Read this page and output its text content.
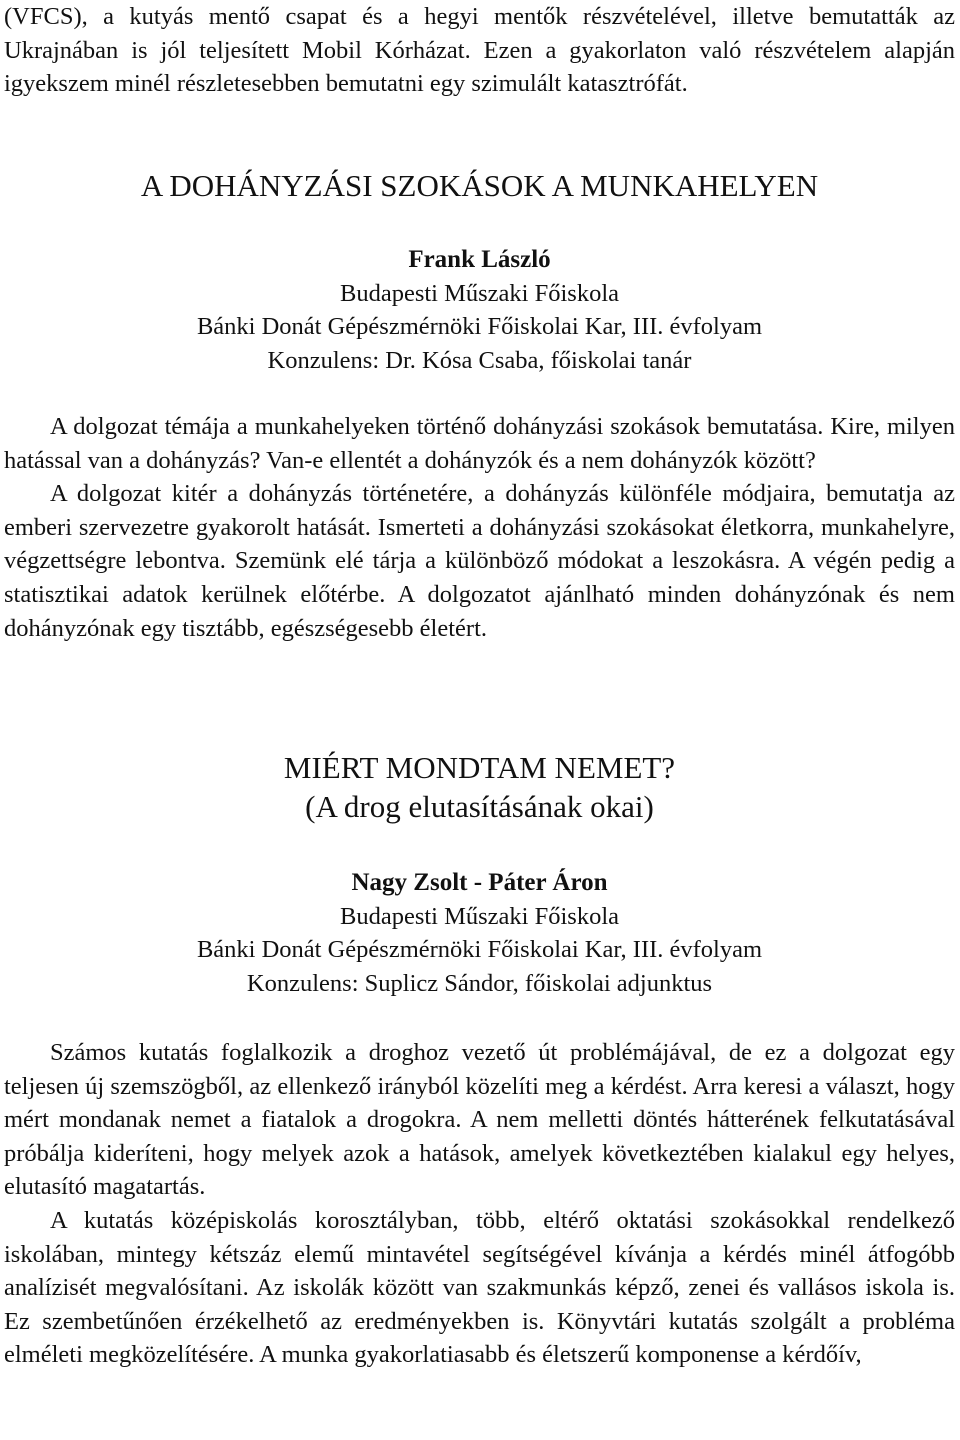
(VFCS), a kutyás mentő csapat és a hegyi mentők részvételével, illetve bemutatták az Ukrajnában is jól teljesített Mobil Kórházat. Ezen a gyakorlaton való részvételem alapján igyekszem minél részletesebben bemutatni egy szimulált katasztrófát.

A DOHÁNYZÁSI SZOKÁSOK A MUNKAHELYEN

Frank László

Budapesti Műszaki Főiskola

Bánki Donát Gépészmérnöki Főiskolai Kar, III. évfolyam

Konzulens: Dr. Kósa Csaba, főiskolai tanár

A dolgozat témája a munkahelyeken történő dohányzási szokások bemutatása. Kire, milyen hatással van a dohányzás? Van-e ellentét a dohányzók és a nem dohányzók között?

A dolgozat kitér a dohányzás történetére, a dohányzás különféle módjaira, bemutatja az emberi szervezetre gyakorolt hatását. Ismerteti a dohányzási szokásokat életkorra, munkahelyre, végzettségre lebontva. Szemünk elé tárja a különböző módokat a leszokásra. A végén pedig a statisztikai adatok kerülnek előtérbe. A dolgozatot ajánlható minden dohányzónak és nem dohányzónak egy tisztább, egészségesebb életért.

MIÉRT MONDTAM NEMET?
(A drog elutasításának okai)

Nagy Zsolt - Páter Áron

Budapesti Műszaki Főiskola

Bánki Donát Gépészmérnöki Főiskolai Kar, III. évfolyam

Konzulens: Suplicz Sándor, főiskolai adjunktus

Számos kutatás foglalkozik a droghoz vezető út problémájával, de ez a dolgozat egy teljesen új szemszögből, az ellenkező irányból közelíti meg a kérdést. Arra keresi a választ, hogy mért mondanak nemet a fiatalok a drogokra. A nem melletti döntés hátterének felkutatásával próbálja kideríteni, hogy melyek azok a hatások, amelyek következtében kialakul egy helyes, elutasító magatartás.

A kutatás középiskolás korosztályban, több, eltérő oktatási szokásokkal rendelkező iskolában, mintegy kétszáz elemű mintavétel segítségével kívánja a kérdés minél átfogóbb analízisét megvalósítani. Az iskolák között van szakmunkás képző, zenei és vallásos iskola is. Ez szembetűnően érzékelhető az eredményekben is. Könyvtári kutatás szolgált a probléma elméleti megközelítésére. A munka gyakorlatiasabb és életszerű komponense a kérdőív,
